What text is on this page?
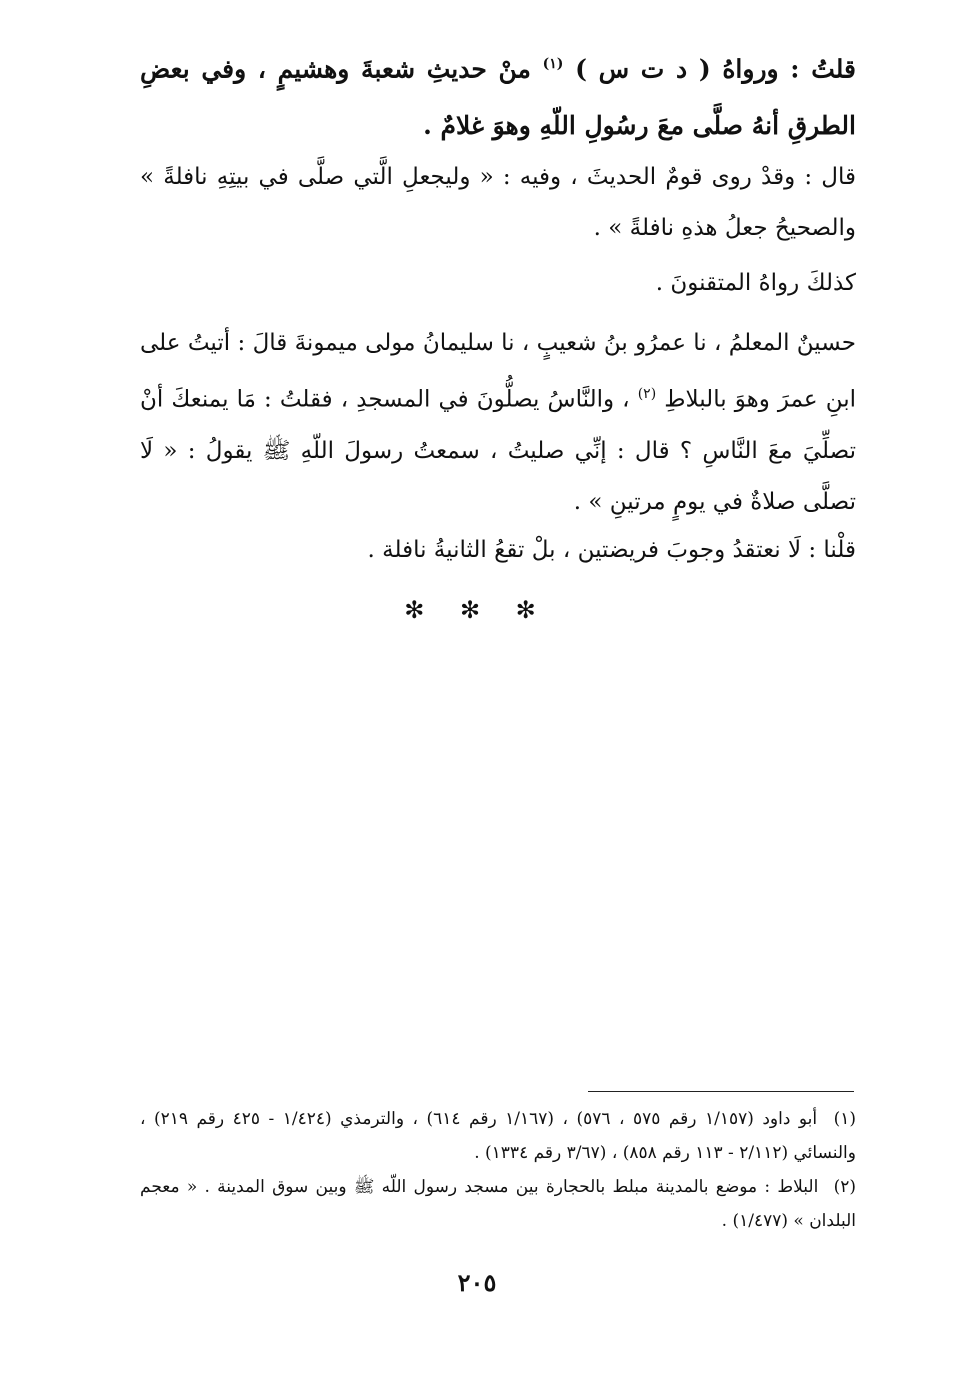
قلتُ : ورواهُ ( د ت س ) $^{(١)}$ منْ حديثِ شعبةَ وهشيمٍ ، وفي بعضِ الطرقِ أنهُ صلَّى معَ رسُولِ اللّهِ وهوَ غلامٌ .
قال : وقدْ روى قومٌ الحديثَ ، وفيه : « وليجعلِ الَّتي صلَّى في بيتِهِ نافلةً » والصحيحُ جعلُ هذهِ نافلةً » .
كذلكَ رواهُ المتقنونَ .
حسينٌ المعلمُ ، نا عمرُو بنُ شعيبٍ ، نا سليمانُ مولى ميمونةَ قالَ : أتيتُ على ابنِ عمرَ وهوَ بالبلاطِ $^{(٢)}$ ، والنَّاسُ يصلُّونَ في المسجدِ ، فقلتُ : مَا يمنعكَ أنْ تصلِّيَ معَ النَّاسِ ؟ قال : إنِّي صليتُ ، سمعتُ رسولَ اللّهِ ﷺ يقولُ : « لَا تصلَّى صلاةٌ في يومٍ مرتينِ » .
قلْنا : لَا نعتقدُ وجوبَ فريضتين ، بلْ تقعُ الثانيةُ نافلة .
✻ ✻ ✻

(١) أبو داود (١/١٥٧ رقم ٥٧٥ ، ٥٧٦) ، (١/١٦٧ رقم ٦١٤) ، والترمذي (١/٤٢٤ - ٤٢٥ رقم ٢١٩) ، والنسائي (٢/١١٢ - ١١٣ رقم ٨٥٨) ، (٣/٦٧ رقم ١٣٣٤) .

(٢) البلاط : موضع بالمدينة مبلط بالحجارة بين مسجد رسول اللّه ﷺ وبين سوق المدينة . « معجم البلدان » (١/٤٧٧) .

٢٠٥
